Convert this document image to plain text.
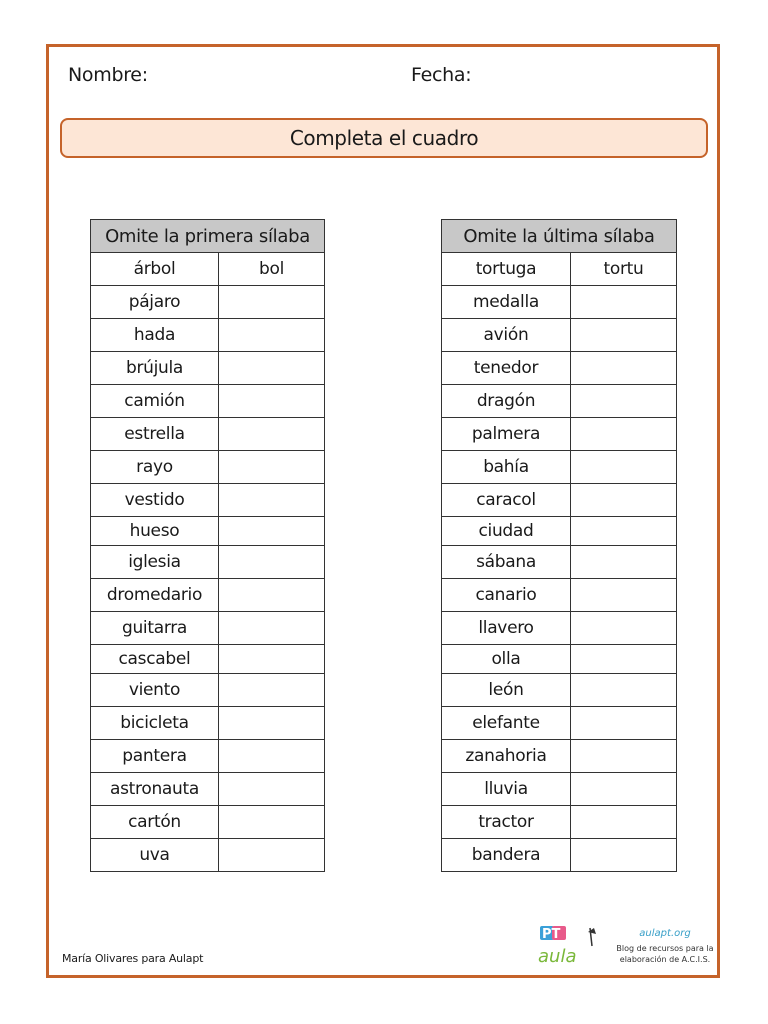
Nombre:	Fecha:
Completa el cuadro
Omite la primera sílaba	
árbol	bol
pájaro	
hada	
brújula	
camión	
estrella	
rayo	
vestido	
hueso	
iglesia	
dromedario	
guitarra	
cascabel	
viento	
bicicleta	
pantera	
astronauta	
cartón	
uva	
Omite la última sílaba	
tortuga	tortu
medalla	
avión	
tenedor	
dragón	
palmera	
bahía	
caracol	
ciudad	
sábana	
canario	
llavero	
olla	
león	
elefante	
zanahoria	
lluvia	
tractor	
bandera	
María Olivares para Aulapt
PT
aula
aulapt.org
Blog de recursos para la elaboración de A.C.I.S.
